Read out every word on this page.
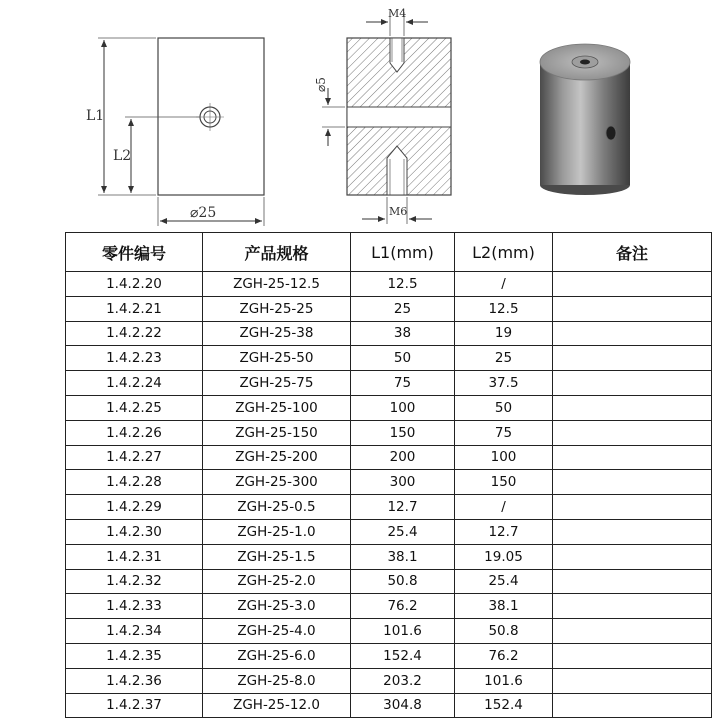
L1
L2
⌀25
M4
⌀5
M6
零件编号	产品规格	L1(mm)	L2(mm)	备注
1.4.2.20	ZGH-25-12.5	12.5	/	
1.4.2.21	ZGH-25-25	25	12.5	
1.4.2.22	ZGH-25-38	38	19	
1.4.2.23	ZGH-25-50	50	25	
1.4.2.24	ZGH-25-75	75	37.5	
1.4.2.25	ZGH-25-100	100	50	
1.4.2.26	ZGH-25-150	150	75	
1.4.2.27	ZGH-25-200	200	100	
1.4.2.28	ZGH-25-300	300	150	
1.4.2.29	ZGH-25-0.5	12.7	/	
1.4.2.30	ZGH-25-1.0	25.4	12.7	
1.4.2.31	ZGH-25-1.5	38.1	19.05	
1.4.2.32	ZGH-25-2.0	50.8	25.4	
1.4.2.33	ZGH-25-3.0	76.2	38.1	
1.4.2.34	ZGH-25-4.0	101.6	50.8	
1.4.2.35	ZGH-25-6.0	152.4	76.2	
1.4.2.36	ZGH-25-8.0	203.2	101.6	
1.4.2.37	ZGH-25-12.0	304.8	152.4	
